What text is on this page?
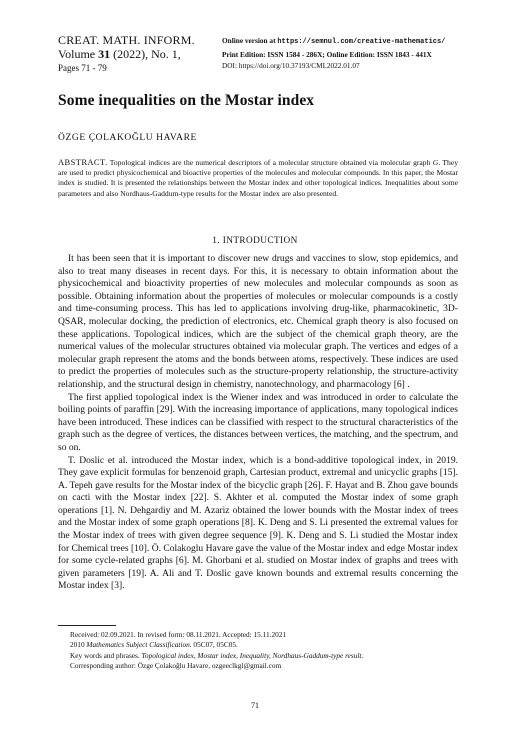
CREAT. MATH. INFORM.
Volume 31 (2022), No. 1,
Pages 71 - 79
Online version at https://semnul.com/creative-mathematics/
Print Edition: ISSN 1584 - 286X; Online Edition: ISSN 1843 - 441X
DOI: https://doi.org/10.37193/CMI.2022.01.07
Some inequalities on the Mostar index
ÖZGE ÇOLAKOĞLU HAVARE
ABSTRACT. Topological indices are the numerical descriptors of a molecular structure obtained via molecular graph G. They are used to predict physicochemical and bioactive properties of the molecules and molecular compounds. In this paper, the Mostar index is studied. It is presented the relationships between the Mostar index and other topological indices. Inequalities about some parameters and also Nordhaus-Gaddum-type results for the Mostar index are also presented.
1. INTRODUCTION

It has been seen that it is important to discover new drugs and vaccines to slow, stop epidemics, and also to treat many diseases in recent days. For this, it is necessary to obtain information about the physicochemical and bioactivity properties of new molecules and molecular compounds as soon as possible. Obtaining information about the properties of molecules or molecular compounds is a costly and time-consuming process. This has led to applications involving drug-like, pharmacokinetic, 3D-QSAR, molecular docking, the prediction of electronics, etc. Chemical graph theory is also focused on these applications. Topological indices, which are the subject of the chemical graph theory, are the numerical values of the molecular structures obtained via molecular graph. The vertices and edges of a molecular graph represent the atoms and the bonds between atoms, respectively. These indices are used to predict the properties of molecules such as the structure-property relationship, the structure-activity relationship, and the structural design in chemistry, nanotechnology, and pharmacology [6] .

The first applied topological index is the Wiener index and was introduced in order to calculate the boiling points of paraffin [29]. With the increasing importance of applications, many topological indices have been introduced. These indices can be classified with respect to the structural characteristics of the graph such as the degree of vertices, the distances between vertices, the matching, and the spectrum, and so on.

T. Doslic et al. introduced the Mostar index, which is a bond-additive topological index, in 2019. They gave explicit formulas for benzenoid graph, Cartesian product, extremal and unicyclic graphs [15]. A. Tepeh gave results for the Mostar index of the bicyclic graph [26]. F. Hayat and B. Zhou gave bounds on cacti with the Mostar index [22]. S. Akhter et al. computed the Mostar index of some graph operations [1]. N. Dehgardiy and M. Azariz obtained the lower bounds with the Mostar index of trees and the Mostar index of some graph operations [8]. K. Deng and S. Li presented the extremal values for the Mostar index of trees with given degree sequence [9]. K. Deng and S. Li studied the Mostar index for Chemical trees [10]. Ö. Colakoglu Havare gave the value of the Mostar index and edge Mostar index for some cycle-related graphs [6]. M. Ghorbani et al. studied on Mostar index of graphs and trees with given parameters [19]. A. Ali and T. Doslic gave known bounds and extremal results concerning the Mostar index [3].

Received: 02.09.2021. In revised form: 08.11.2021. Accepted: 15.11.2021
2010 Mathematics Subject Classification. 05C07, 05C05.
Key words and phrases. Topological index, Mostar index, Inequality, Nordhaus-Gaddum-type result.
Corresponding author: Özge Çolakoğlu Havare, ozgeeclkgl@gmail.com
71
